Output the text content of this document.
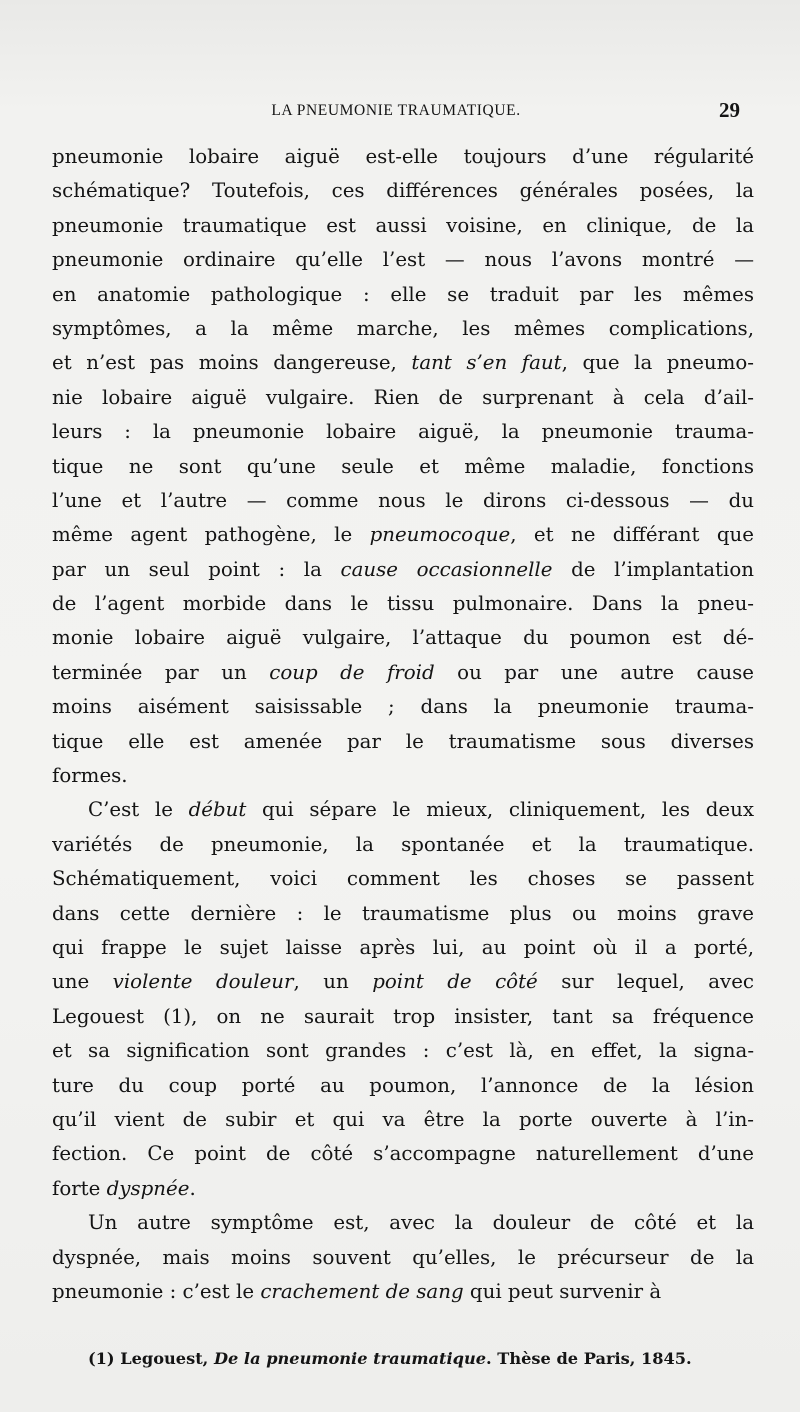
LA PNEUMONIE TRAUMATIQUE.	29
pneumonie lobaire aiguë est-elle toujours d’une régularité
schématique? Toutefois, ces différences générales posées, la
pneumonie traumatique est aussi voisine, en clinique, de la
pneumonie ordinaire qu’elle l’est — nous l’avons montré —
en anatomie pathologique : elle se traduit par les mêmes
symptômes, a la même marche, les mêmes complications,
et n’est pas moins dangereuse, tant s’en faut, que la pneumo-
nie lobaire aiguë vulgaire. Rien de surprenant à cela d’ail-
leurs : la pneumonie lobaire aiguë, la pneumonie trauma-
tique ne sont qu’une seule et même maladie, fonctions
l’une et l’autre — comme nous le dirons ci-dessous — du
même agent pathogène, le pneumocoque, et ne différant que
par un seul point : la cause occasionnelle de l’implantation
de l’agent morbide dans le tissu pulmonaire. Dans la pneu-
monie lobaire aiguë vulgaire, l’attaque du poumon est dé-
terminée par un coup de froid ou par une autre cause
moins aisément saisissable ; dans la pneumonie trauma-
tique elle est amenée par le traumatisme sous diverses
formes.
C’est le début qui sépare le mieux, cliniquement, les deux
variétés de pneumonie, la spontanée et la traumatique.
Schématiquement, voici comment les choses se passent
dans cette dernière : le traumatisme plus ou moins grave
qui frappe le sujet laisse après lui, au point où il a porté,
une violente douleur, un point de côté sur lequel, avec
Legouest (1), on ne saurait trop insister, tant sa fréquence
et sa signification sont grandes : c’est là, en effet, la signa-
ture du coup porté au poumon, l’annonce de la lésion
qu’il vient de subir et qui va être la porte ouverte à l’in-
fection. Ce point de côté s’accompagne naturellement d’une
forte dyspnée.
Un autre symptôme est, avec la douleur de côté et la
dyspnée, mais moins souvent qu’elles, le précurseur de la
pneumonie : c’est le crachement de sang qui peut survenir à
(1) Legouest, De la pneumonie traumatique. Thèse de Paris, 1845.
